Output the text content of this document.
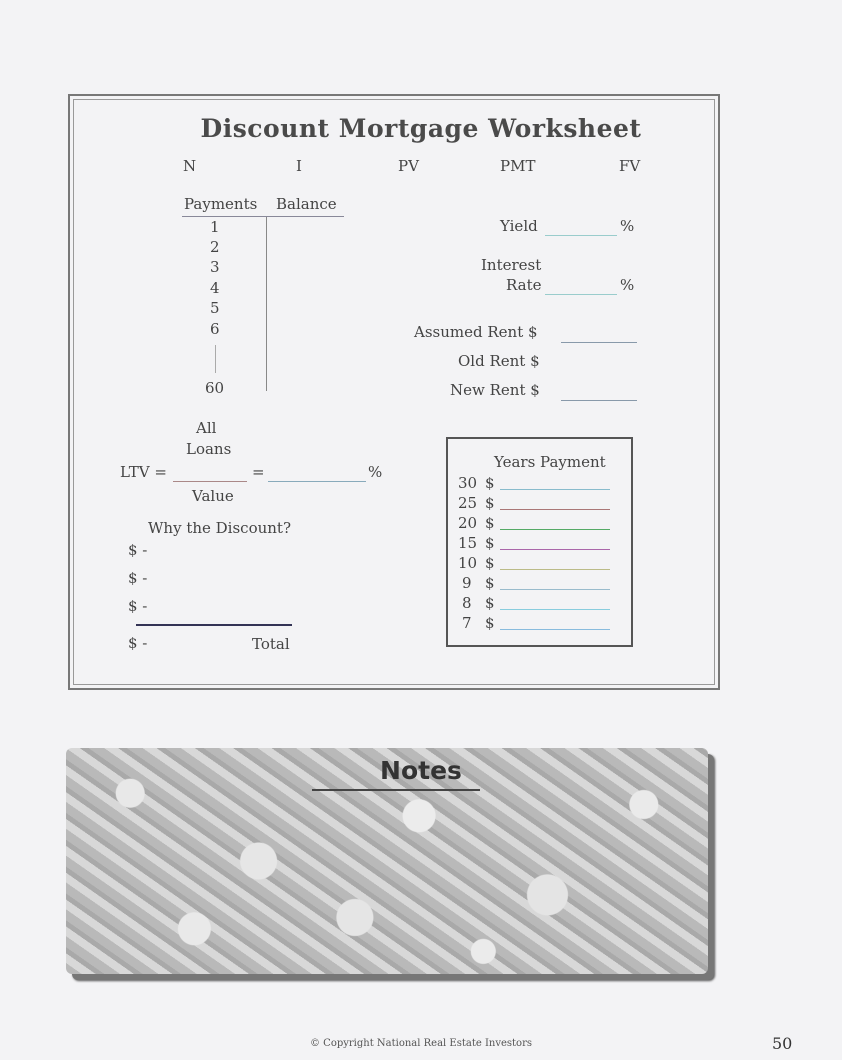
Discount Mortgage Worksheet
N	I	PV	PMT	FV
Payments Balance
1
2
3
4
5
6
60
Yield	%
Interest
Rate	%
Assumed Rent $
Old Rent $
New Rent $
All
Loans
LTV =	=	%
Value
Why the Discount?
$ -
$ -
$ -
$ -	Total
Years Payment
30 $
25 $
20 $
15 $
10 $
9 $
8 $
7 $
Notes
© Copyright National Real Estate Investors	50
